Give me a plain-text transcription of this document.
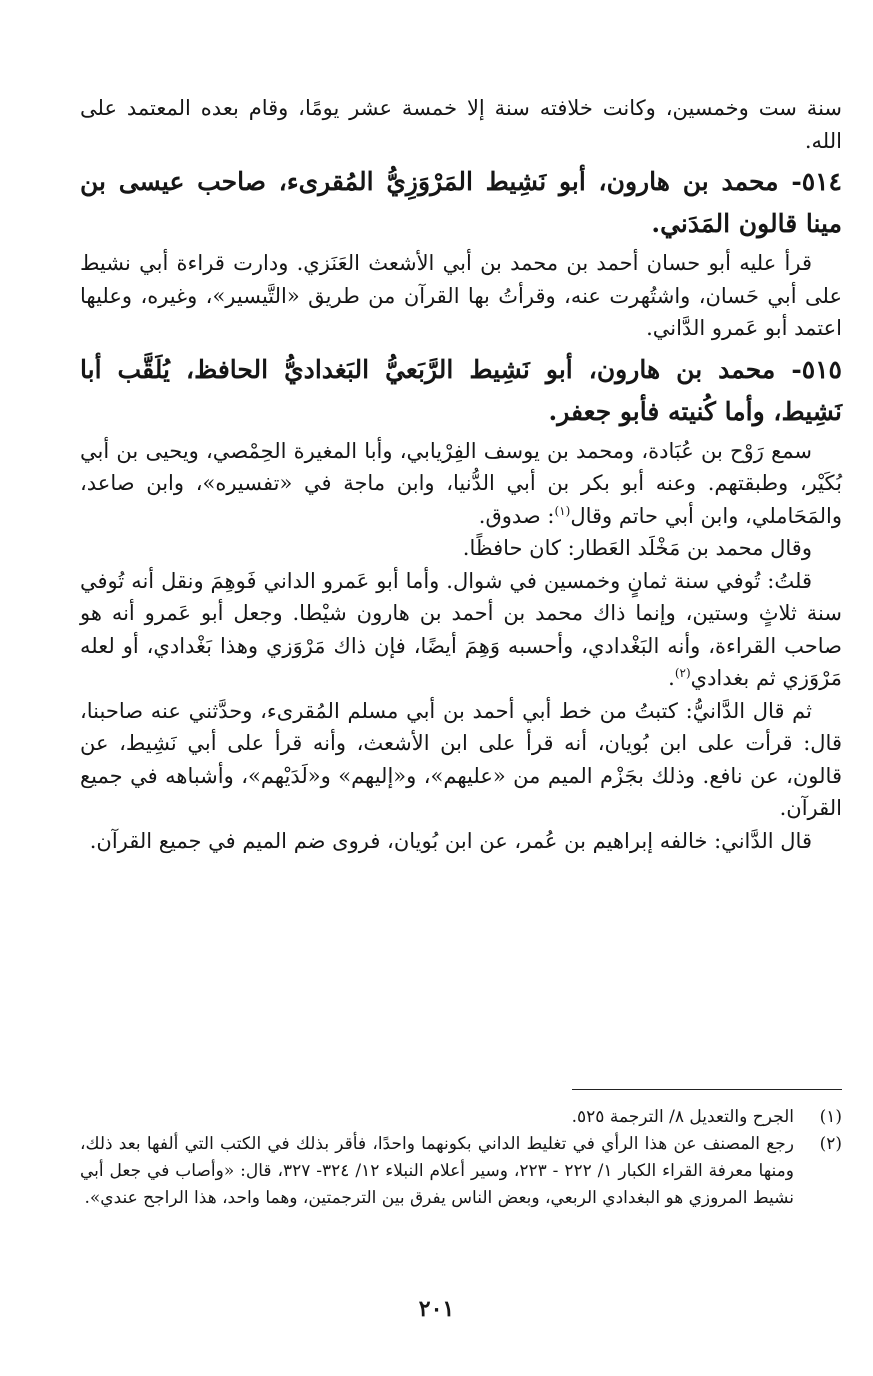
سنة ست وخمسين، وكانت خلافته سنة إلا خمسة عشر يومًا، وقام بعده المعتمد على الله.

٥١٤- محمد بن هارون، أبو نَشِيط المَرْوَزِيُّ المُقرىء، صاحب عيسى بن مينا قالون المَدَني.

قرأ عليه أبو حسان أحمد بن محمد بن أبي الأشعث العَنَزي. ودارت قراءة أبي نشيط على أبي حَسان، واشتُهرت عنه، وقرأتُ بها القرآن من طريق «التَّيسير»، وغيره، وعليها اعتمد أبو عَمرو الدَّاني.

٥١٥- محمد بن هارون، أبو نَشِيط الرَّبَعيُّ البَغداديُّ الحافظ، يُلَقَّب أبا نَشِيط، وأما كُنيته فأبو جعفر.

سمع رَوْح بن عُبَادة، ومحمد بن يوسف الفِرْيابي، وأبا المغيرة الحِمْصي، ويحيى بن أبي بُكَيْر، وطبقتهم. وعنه أبو بكر بن أبي الدُّنيا، وابن ماجة في «تفسيره»، وابن صاعد، والمَحَاملي، وابن أبي حاتم وقال$^{(١)}$: صدوق.

وقال محمد بن مَخْلَد العَطار: كان حافظًا.

قلتُ: تُوفي سنة ثمانٍ وخمسين في شوال. وأما أبو عَمرو الداني فَوهِمَ ونقل أنه تُوفي سنة ثلاثٍ وستين، وإنما ذاك محمد بن أحمد بن هارون شيْطا. وجعل أبو عَمرو أنه هو صاحب القراءة، وأنه البَغْدادي، وأحسبه وَهِمَ أيضًا، فإن ذاك مَرْوَزي وهذا بَغْدادي، أو لعله مَرْوَزي ثم بغدادي$^{(٢)}$.

ثم قال الدَّانيُّ: كتبتُ من خط أبي أحمد بن أبي مسلم المُقرىء، وحدَّثني عنه صاحبنا، قال: قرأت على ابن بُويان، أنه قرأ على ابن الأشعث، وأنه قرأ على أبي نَشِيط، عن قالون، عن نافع. وذلك بجَزْم الميم من «عليهم»، و«إليهم» و«لَدَيْهم»، وأشباهه في جميع القرآن.

قال الدَّاني: خالفه إبراهيم بن عُمر، عن ابن بُويان، فروى ضم الميم في جميع القرآن.

(١)
الجرح والتعديل ٨/ الترجمة ٥٢٥.
(٢)
رجع المصنف عن هذا الرأي في تغليط الداني بكونهما واحدًا، فأقر بذلك في الكتب التي ألفها بعد ذلك، ومنها معرفة القراء الكبار ١/ ٢٢٢ - ٢٢٣، وسير أعلام النبلاء ١٢/ ٣٢٤- ٣٢٧، قال: «وأصاب في جعل أبي نشيط المروزي هو البغدادي الربعي، وبعض الناس يفرق بين الترجمتين، وهما واحد، هذا الراجح عندي».
٢٠١
